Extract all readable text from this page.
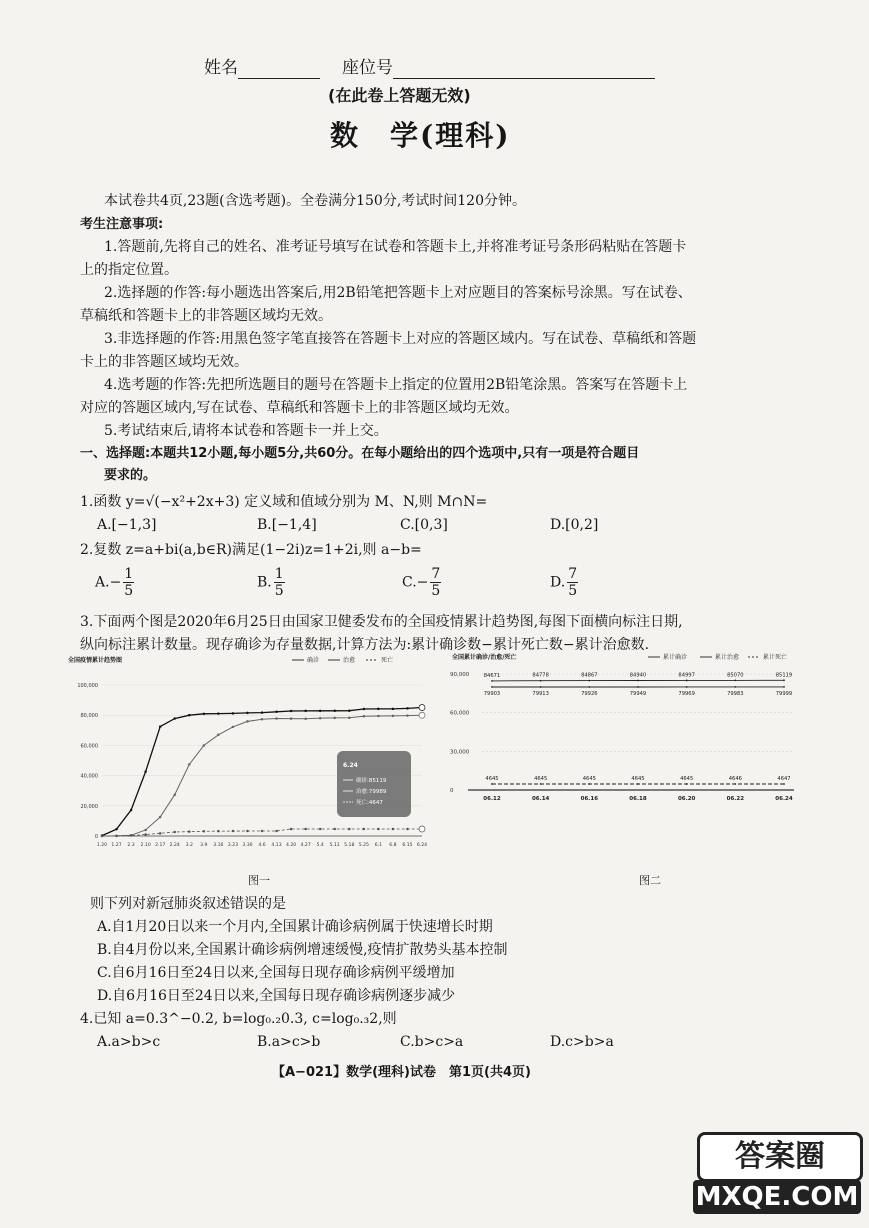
姓名	座位号
(在此卷上答题无效)
数　学(理科)
本试卷共4页,23题(含选考题)。全卷满分150分,考试时间120分钟。
考生注意事项:
1.答题前,先将自己的姓名、准考证号填写在试卷和答题卡上,并将准考证号条形码粘贴在答题卡
上的指定位置。
2.选择题的作答:每小题选出答案后,用2B铅笔把答题卡上对应题目的答案标号涂黑。写在试卷、
草稿纸和答题卡上的非答题区域均无效。
3.非选择题的作答:用黑色签字笔直接答在答题卡上对应的答题区域内。写在试卷、草稿纸和答题
卡上的非答题区域均无效。
4.选考题的作答:先把所选题目的题号在答题卡上指定的位置用2B铅笔涂黑。答案写在答题卡上
对应的答题区域内,写在试卷、草稿纸和答题卡上的非答题区域均无效。
5.考试结束后,请将本试卷和答题卡一并上交。
一、选择题:本题共12小题,每小题5分,共60分。在每小题给出的四个选项中,只有一项是符合题目
要求的。
1.函数 y=√(−x²+2x+3) 定义域和值域分别为 M、N,则 M∩N=
A.[−1,3]	B.[−1,4]	C.[0,3]	D.[0,2]
2.复数 z=a+bi(a,b∈R)满足(1−2i)z=1+2i,则 a−b=
$A.- \frac{1}{5}$	B. $\frac{1}{5}$	$C.- \frac{7}{5}$	D. $\frac{7}{5}$
3.下面两个图是2020年6月25日由国家卫健委发布的全国疫情累计趋势图,每图下面横向标注日期,
纵向标注累计数量。现存确诊为存量数据,计算方法为:累计确诊数−累计死亡数−累计治愈数.
全国疫情累计趋势图	确诊	治愈	死亡
100,000
80,000
60,000
40,000
20,000
0
1.20 1.27 2.3 2.10 2.17 2.24 3.2 3.9 3.16 3.23 3.30 4.6 4.13 4.20 4.27 5.4 5.11 5.18 5.25 6.1 6.8 6.15 6.24
6.24
确诊:85119
治愈:79989
死亡:4647
图一
全国累计确诊/治愈/死亡	累计确诊	累计治愈	累计死亡
90,000
60,000
30,000
0
06.12	06.14	06.16	06.18	06.20	06.22	06.24
84671	84778	84867	84940	84997	85070	85119
79903	79913	79926	79949	79969	79983	79999
4645	4645	4645	4645	4645	4646	4647
图二
则下列对新冠肺炎叙述错误的是
A.自1月20日以来一个月内,全国累计确诊病例属于快速增长时期
B.自4月份以来,全国累计确诊病例增速缓慢,疫情扩散势头基本控制
C.自6月16日至24日以来,全国每日现存确诊病例平缓增加
D.自6月16日至24日以来,全国每日现存确诊病例逐步减少
4.已知 a=0.3^−0.2, b=log₀.₂0.3, c=log₀.₃2,则
A.a>b>c	B.a>c>b	C.b>c>a	D.c>b>a
【A−021】数学(理科)试卷　第1页(共4页)
答案圈
MXQE.COM
